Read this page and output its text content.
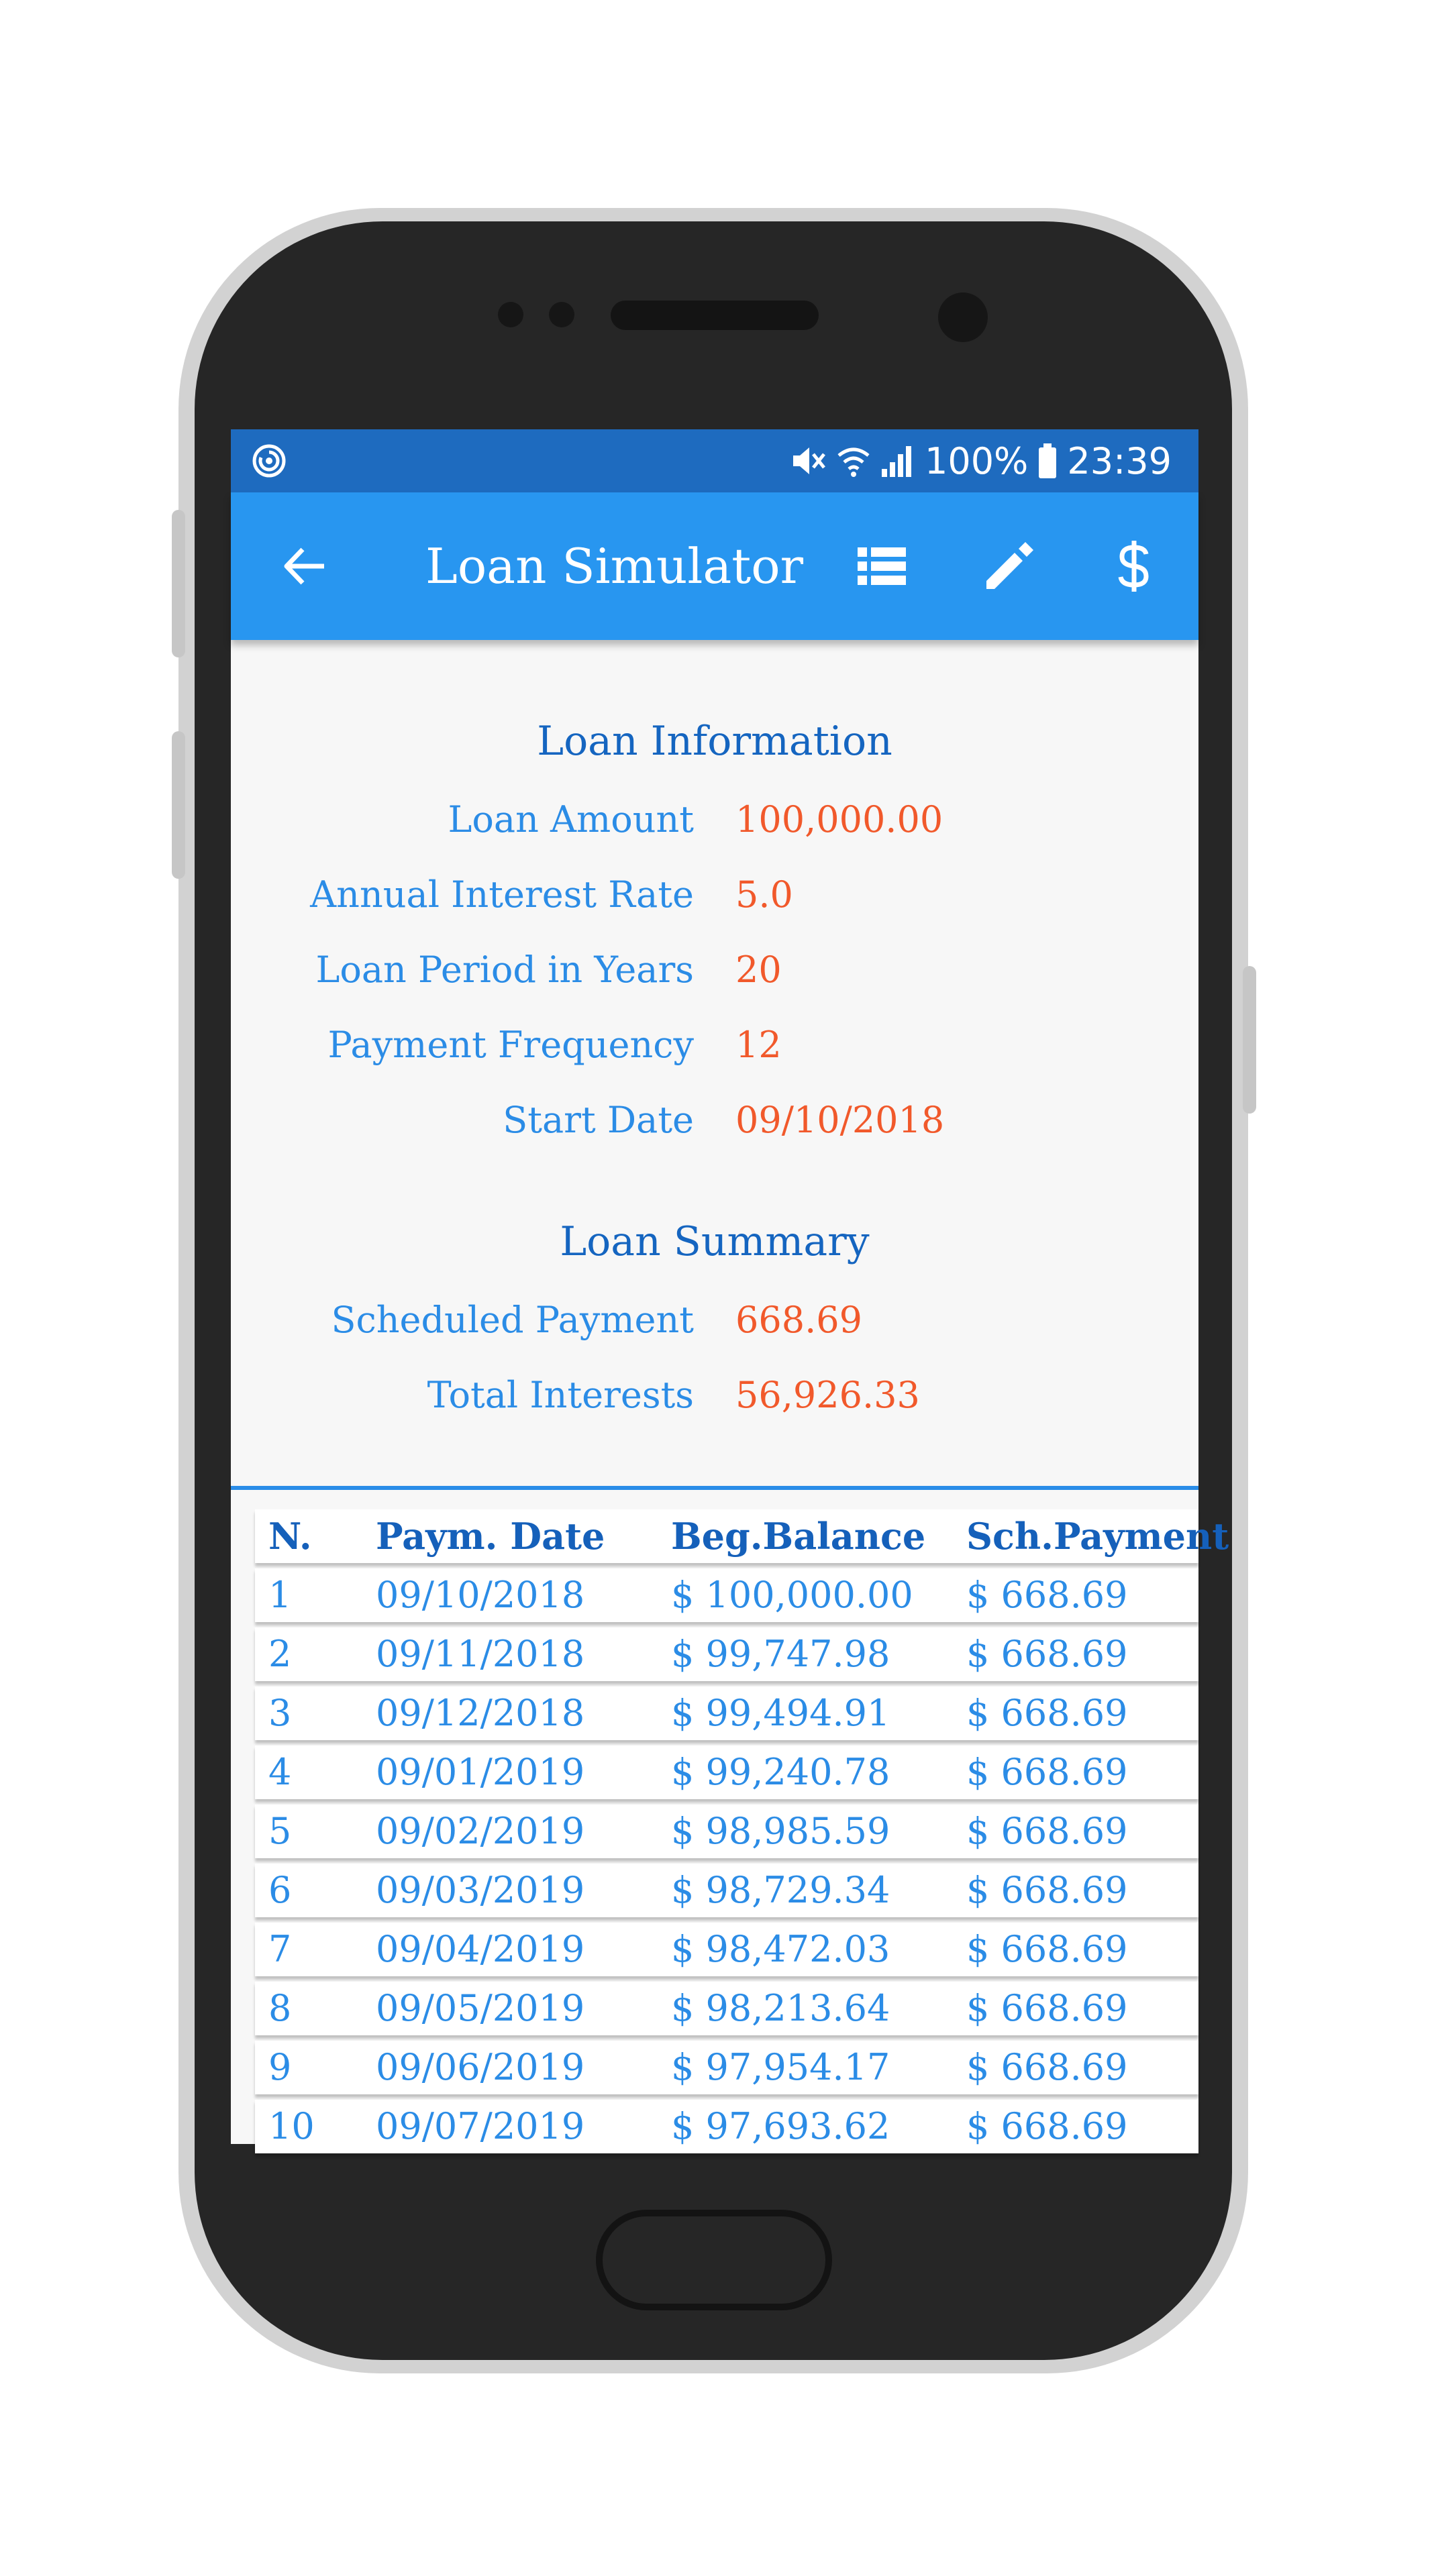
100% 23:39
Loan Simulator
Loan Information
Loan Amount 100,000.00
Annual Interest Rate 5.0
Loan Period in Years 20
Payment Frequency 12
Start Date 09/10/2018
Loan Summary
Scheduled Payment 668.69
Total Interests 56,926.33
N. Paym. Date Beg.Balance Sch.Payment
1 09/10/2018 $ 100,000.00 $ 668.69
2 09/11/2018 $ 99,747.98 $ 668.69
3 09/12/2018 $ 99,494.91 $ 668.69
4 09/01/2019 $ 99,240.78 $ 668.69
5 09/02/2019 $ 98,985.59 $ 668.69
6 09/03/2019 $ 98,729.34 $ 668.69
7 09/04/2019 $ 98,472.03 $ 668.69
8 09/05/2019 $ 98,213.64 $ 668.69
9 09/06/2019 $ 97,954.17 $ 668.69
10 09/07/2019 $ 97,693.62 $ 668.69
